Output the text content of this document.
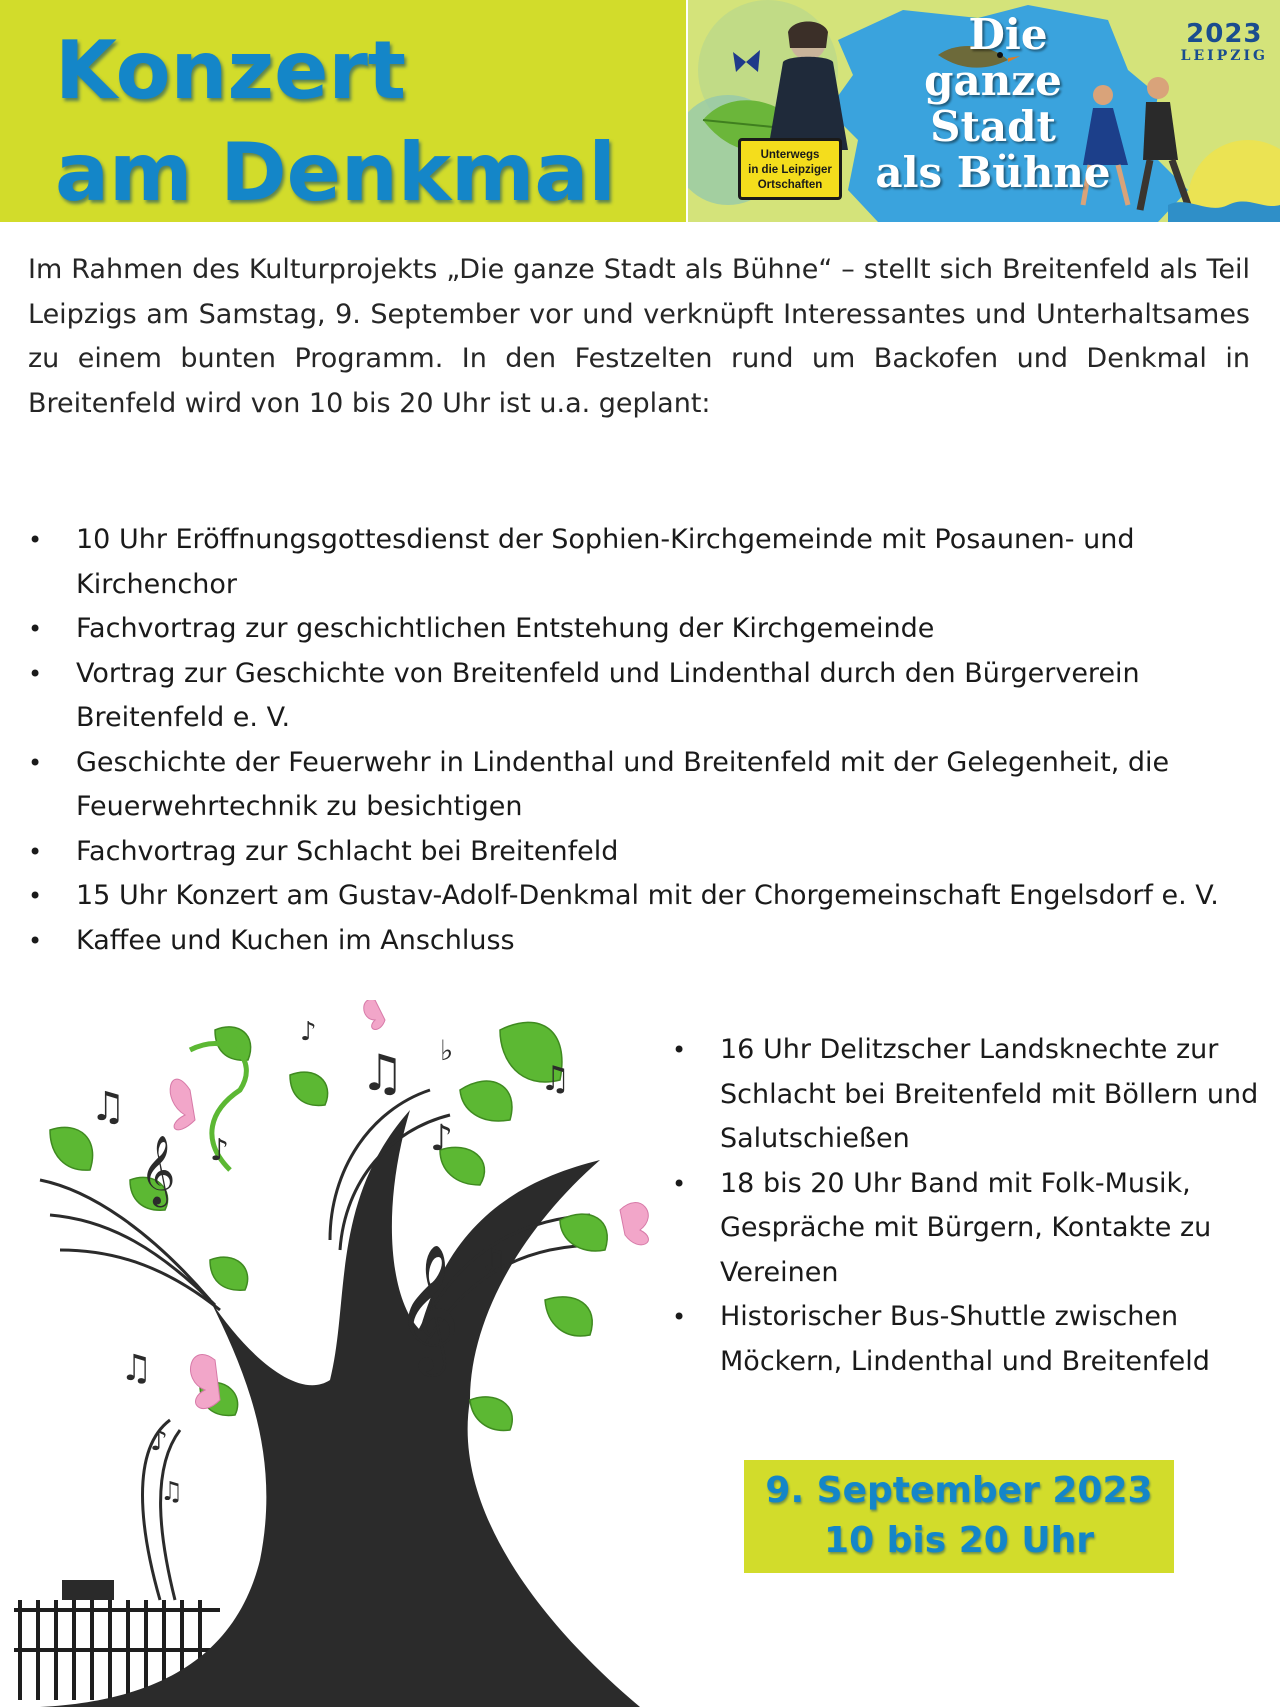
Konzert
am Denkmal
Die
ganze
Stadt
als Bühne
2023
LEIPZIG
Unterwegs
in die Leipziger
Ortschaften

Im Rahmen des Kulturprojekts „Die ganze Stadt als Bühne“ – stellt sich Breitenfeld als Teil Leipzigs am Samstag, 9. September vor und verknüpft Interessantes und Unterhaltsames zu einem bunten Programm. In den Festzelten rund um Backofen und Denkmal in Breitenfeld wird von 10 bis 20 Uhr ist u.a. geplant:

• 10 Uhr Eröffnungsgottesdienst der Sophien-Kirchgemeinde mit Posaunen- und Kirchenchor
• Fachvortrag zur geschichtlichen Entstehung der Kirchgemeinde
• Vortrag zur Geschichte von Breitenfeld und Lindenthal durch den Bürgerverein Breitenfeld e. V.
• Geschichte der Feuerwehr in Lindenthal und Breitenfeld mit der Gelegenheit, die Feuerwehrtechnik zu besichtigen
• Fachvortrag zur Schlacht bei Breitenfeld
• 15 Uhr Konzert am Gustav-Adolf-Denkmal mit der Chorgemeinschaft Engelsdorf e. V.
• Kaffee und Kuchen im Anschluss
𝄞
𝄞
♫
♫
♪
♫
♪
♭
♪
♫
♪
♫
♫
• 16 Uhr Delitzscher Landsknechte zur Schlacht bei Breitenfeld mit Böllern und Salutschießen
• 18 bis 20 Uhr Band mit Folk-Musik, Gespräche mit Bürgern, Kontakte zu Vereinen
• Historischer Bus-Shuttle zwischen Möckern, Lindenthal und Breitenfeld
9. September 2023
10 bis 20 Uhr
